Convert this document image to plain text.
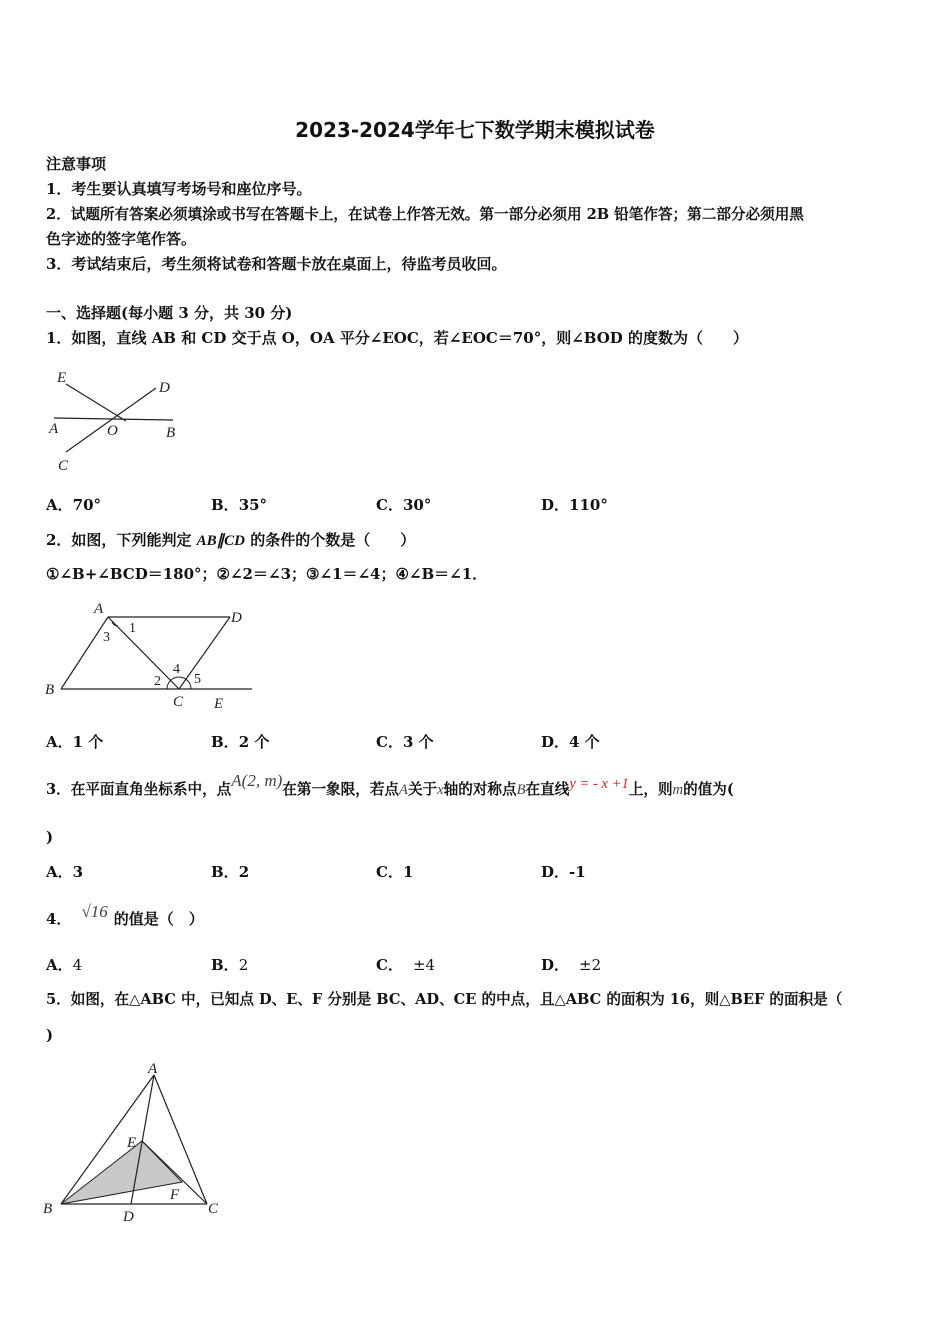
2023-2024学年七下数学期末模拟试卷
注意事项
1．考生要认真填写考场号和座位序号。
2．试题所有答案必须填涂或书写在答题卡上，在试卷上作答无效。第一部分必须用 2B 铅笔作答；第二部分必须用黑
色字迹的签字笔作答。
3．考试结束后，考生须将试卷和答题卡放在桌面上，待监考员收回。
一、选择题(每小题 3 分，共 30 分)
1．如图，直线 AB 和 CD 交于点 O，OA 平分∠EOC，若∠EOC＝70°，则∠BOD 的度数为（　　）
E
D
A	O	B
C
A．70°	B．35°	C．30°	D．110°
2．如图，下列能判定 AB∥CD 的条件的个数是（　　）
①∠B+∠BCD＝180°；②∠2＝∠3；③∠1＝∠4；④∠B＝∠1．
A
D
B
C E
1
3
4
2 5
A．1 个	B．2 个	C．3 个	D．4 个
3．在平面直角坐标系中，点A(2, m)在第一象限，若点A关于x轴的对称点B在直线y = - x +1上，则m的值为(
)
A．3	B．2	C．1	D．-1
4． √16 的值是（　）
A．4	B．2	C． ±4	D． ±2
5．如图，在△ABC 中，已知点 D、E、F 分别是 BC、AD、CE 的中点，且△ABC 的面积为 16，则△BEF 的面积是（
)
A
E
F
B	D	C
